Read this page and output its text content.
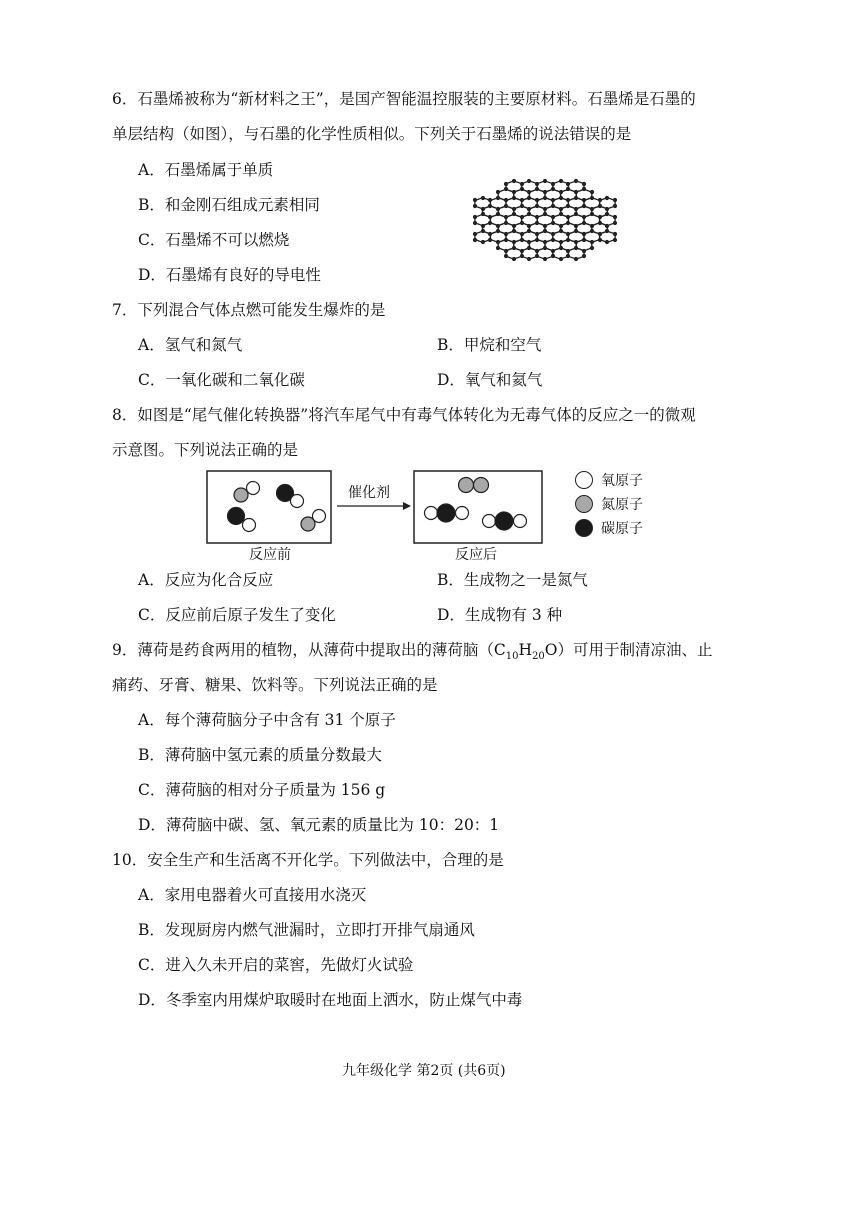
6．石墨烯被称为“新材料之王”，是国产智能温控服装的主要原材料。石墨烯是石墨的
单层结构（如图），与石墨的化学性质相似。下列关于石墨烯的说法错误的是
A．石墨烯属于单质
B．和金刚石组成元素相同
C．石墨烯不可以燃烧
D．石墨烯有良好的导电性
7．下列混合气体点燃可能发生爆炸的是
A．氢气和氮气	B．甲烷和空气
C．一氧化碳和二氧化碳	D．氧气和氦气
8．如图是“尾气催化转换器”将汽车尾气中有毒气体转化为无毒气体的反应之一的微观
示意图。下列说法正确的是
催化剂
反应前	反应后
氧原子
氮原子
碳原子
A．反应为化合反应	B．生成物之一是氮气
C．反应前后原子发生了变化	D．生成物有 3 种
9．薄荷是药食两用的植物，从薄荷中提取出的薄荷脑$(C_{10}H_{20}O)$可用于制清凉油、止
痛药、牙膏、糖果、饮料等。下列说法正确的是
A．每个薄荷脑分子中含有 31 个原子
B．薄荷脑中氢元素的质量分数最大
C．薄荷脑的相对分子质量为 156 g
D．薄荷脑中碳、氢、氧元素的质量比为 10：20：1
10．安全生产和生活离不开化学。下列做法中，合理的是
A．家用电器着火可直接用水浇灭
B．发现厨房内燃气泄漏时，立即打开排气扇通风
C．进入久未开启的菜窖，先做灯火试验
D．冬季室内用煤炉取暖时在地面上洒水，防止煤气中毒
九年级化学 第2页 (共6页)
